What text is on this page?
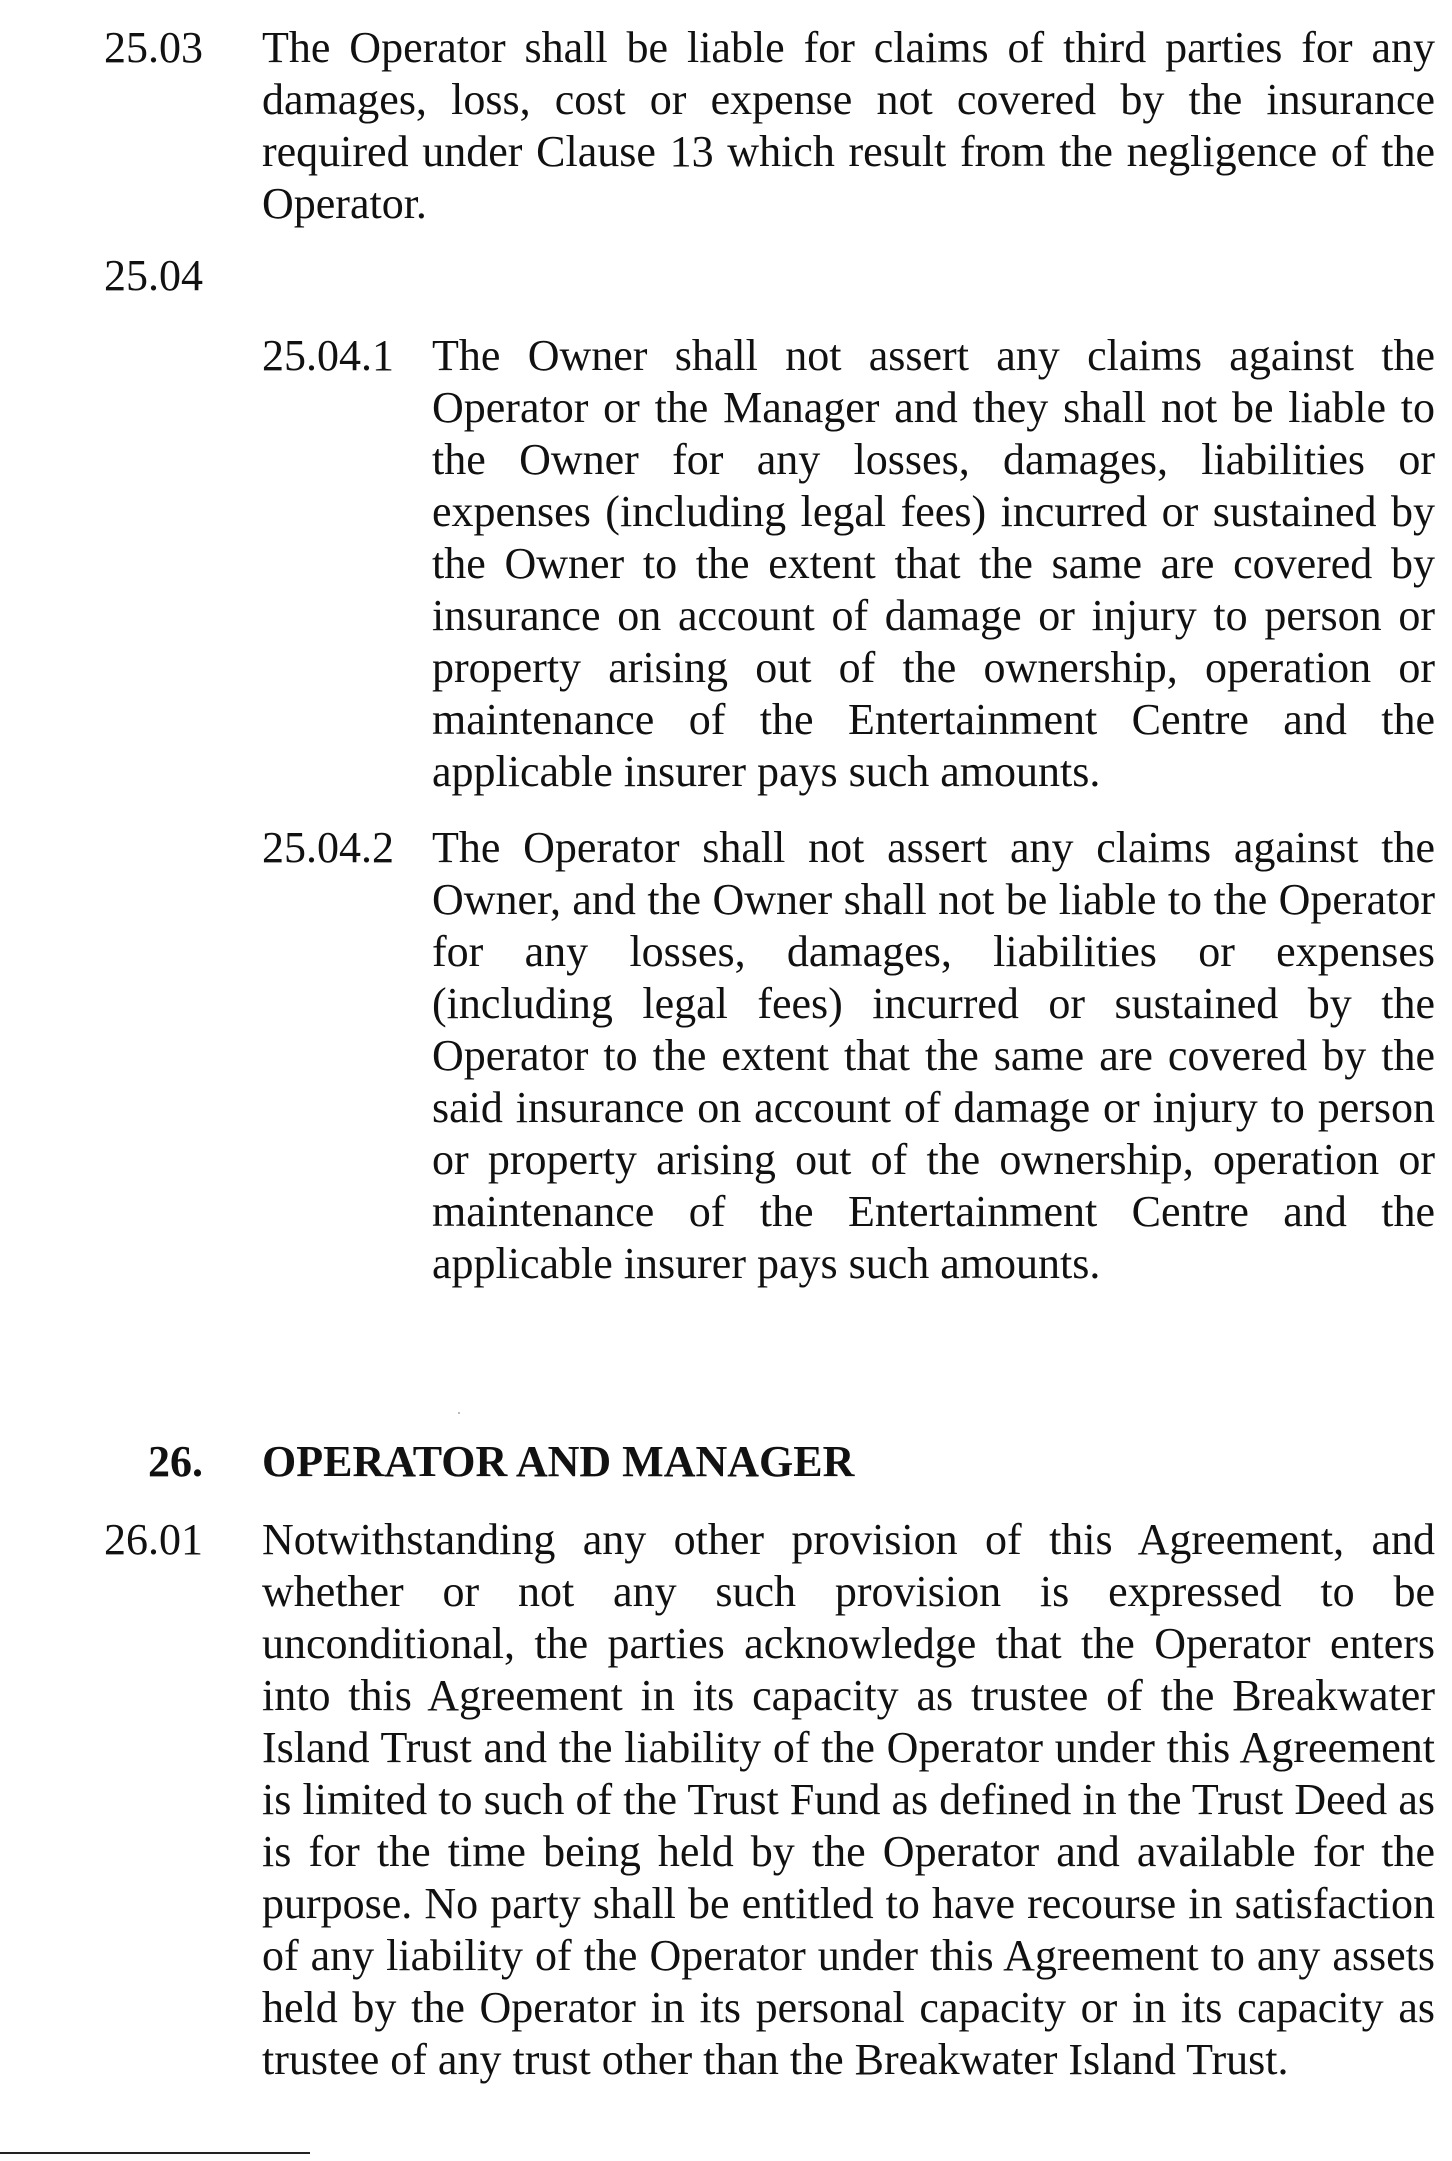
25.03 The Operator shall be liable for claims of third parties for any damages, loss, cost or expense not covered by the insurance required under Clause 13 which result from the negligence of the Operator.

25.04
25.04.1 The Owner shall not assert any claims against the Operator or the Manager and they shall not be liable to the Owner for any losses, damages, liabilities or expenses (including legal fees) incurred or sustained by the Owner to the extent that the same are covered by insurance on account of damage or injury to person or property arising out of the ownership, operation or maintenance of the Entertainment Centre and the applicable insurer pays such amounts.

25.04.2 The Operator shall not assert any claims against the Owner, and the Owner shall not be liable to the Operator for any losses, damages, liabilities or expenses (including legal fees) incurred or sustained by the Operator to the extent that the same are covered by the said insurance on account of damage or injury to person or property arising out of the ownership, operation or maintenance of the Entertainment Centre and the applicable insurer pays such amounts.

26. OPERATOR AND MANAGER
26.01 Notwithstanding any other provision of this Agreement, and whether or not any such provision is expressed to be unconditional, the parties acknowledge that the Operator enters into this Agreement in its capacity as trustee of the Breakwater Island Trust and the liability of the Operator under this Agreement is limited to such of the Trust Fund as defined in the Trust Deed as is for the time being held by the Operator and available for the purpose. No party shall be entitled to have recourse in satisfaction of any liability of the Operator under this Agreement to any assets held by the Operator in its personal capacity or in its capacity as trustee of any trust other than the Breakwater Island Trust.
